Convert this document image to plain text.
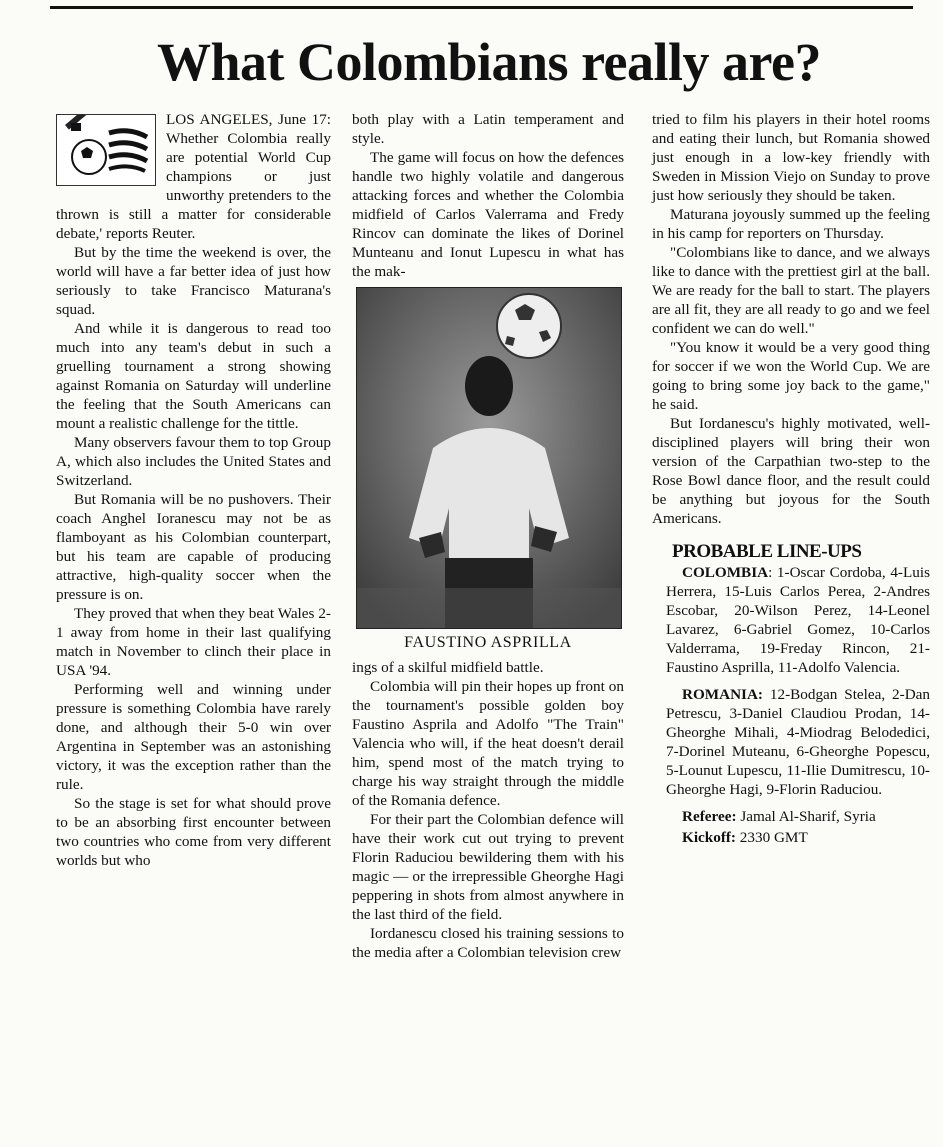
What Colombians really are?

LOS ANGELES, June 17: Whether Colombia really are potential World Cup champions or just unworthy pretenders to the thrown is still a matter for considerable debate,' reports Reuter.

But by the time the weekend is over, the world will have a far better idea of just how seriously to take Francisco Maturana's squad.

And while it is dangerous to read too much into any team's debut in such a gruelling tournament a strong showing against Romania on Saturday will underline the feeling that the South Americans can mount a realistic challenge for the tittle.

Many observers favour them to top Group A, which also includes the United States and Switzerland.

But Romania will be no pushovers. Their coach Anghel Ioranescu may not be as flamboyant as his Colombian counterpart, but his team are capable of producing attractive, high-quality soccer when the pressure is on.

They proved that when they beat Wales 2-1 away from home in their last qualifying match in November to clinch their place in USA '94.

Performing well and winning under pressure is something Colombia have rarely done, and although their 5-0 win over Argentina in September was an astonishing victory, it was the exception rather than the rule.

So the stage is set for what should prove to be an absorbing first encounter between two countries who come from very different worlds but who

both play with a Latin temperament and style.

The game will focus on how the defences handle two highly volatile and dangerous attacking forces and whether the Colombia midfield of Carlos Valerrama and Fredy Rincov can dominate the likes of Dorinel Munteanu and Ionut Lupescu in what has the mak-

FAUSTINO ASPRILLA

ings of a skilful midfield battle.

Colombia will pin their hopes up front on the tournament's possible golden boy Faustino Asprila and Adolfo "The Train" Valencia who will, if the heat doesn't derail him, spend most of the match trying to charge his way straight through the middle of the Romania defence.

For their part the Colombian defence will have their work cut out trying to prevent Florin Raduciou bewildering them with his magic — or the irrepressible Gheorghe Hagi peppering in shots from almost anywhere in the last third of the field.

Iordanescu closed his training sessions to the media after a Colombian television crew

tried to film his players in their hotel rooms and eating their lunch, but Romania showed just enough in a low-key friendly with Sweden in Mission Viejo on Sunday to prove just how seriously they should be taken.

Maturana joyously summed up the feeling in his camp for reporters on Thursday.

"Colombians like to dance, and we always like to dance with the prettiest girl at the ball. We are ready for the ball to start. The players are all fit, they are all ready to go and we feel confident we can do well."

"You know it would be a very good thing for soccer if we won the World Cup. We are going to bring some joy back to the game," he said.

But Iordanescu's highly motivated, well-disciplined players will bring their won version of the Carpathian two-step to the Rose Bowl dance floor, and the result could be anything but joyous for the South Americans.

PROBABLE LINE-UPS

COLOMBIA: 1-Oscar Cordoba, 4-Luis Herrera, 15-Luis Carlos Perea, 2-Andres Escobar, 20-Wilson Perez, 14-Leonel Lavarez, 6-Gabriel Gomez, 10-Carlos Valderrama, 19-Freday Rincon, 21-Faustino Asprilla, 11-Adolfo Valencia.

ROMANIA: 12-Bodgan Stelea, 2-Dan Petrescu, 3-Daniel Claudiou Prodan, 14-Gheorghe Mihali, 4-Miodrag Belodedici, 7-Dorinel Muteanu, 6-Gheorghe Popescu, 5-Lounut Lupescu, 11-Ilie Dumitrescu, 10-Gheorghe Hagi, 9-Florin Raduciou.

Referee: Jamal Al-Sharif, Syria

Kickoff: 2330 GMT
